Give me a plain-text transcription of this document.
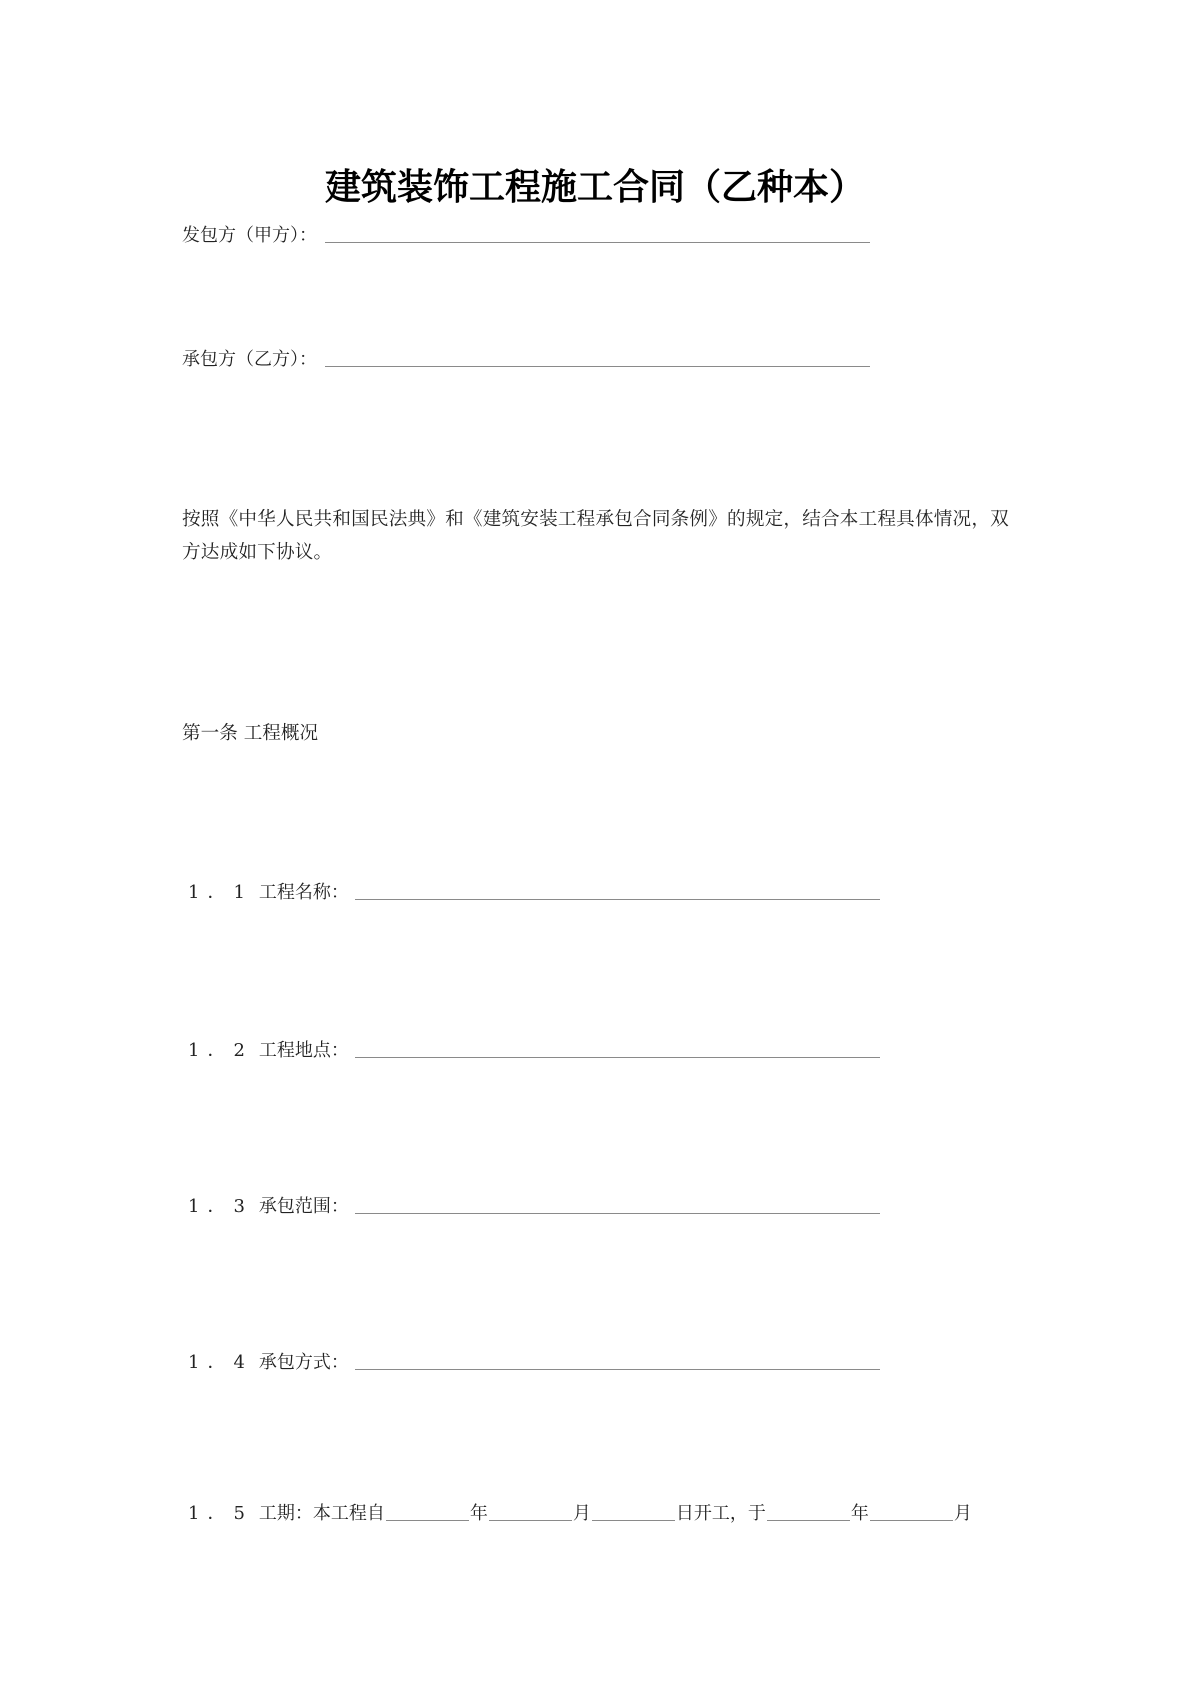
建筑装饰工程施工合同（乙种本）
发包方（甲方）：
承包方（乙方）：
按照《中华人民共和国民法典》和《建筑安装工程承包合同条例》的规定，结合本工程具体情况，双方达成如下协议。
第一条 工程概况
1．1 工程名称：
1．2 工程地点：
1．3 承包范围：
1．4 承包方式：
1．5 工期：本工程自	年	月	日开工，于	年	月
